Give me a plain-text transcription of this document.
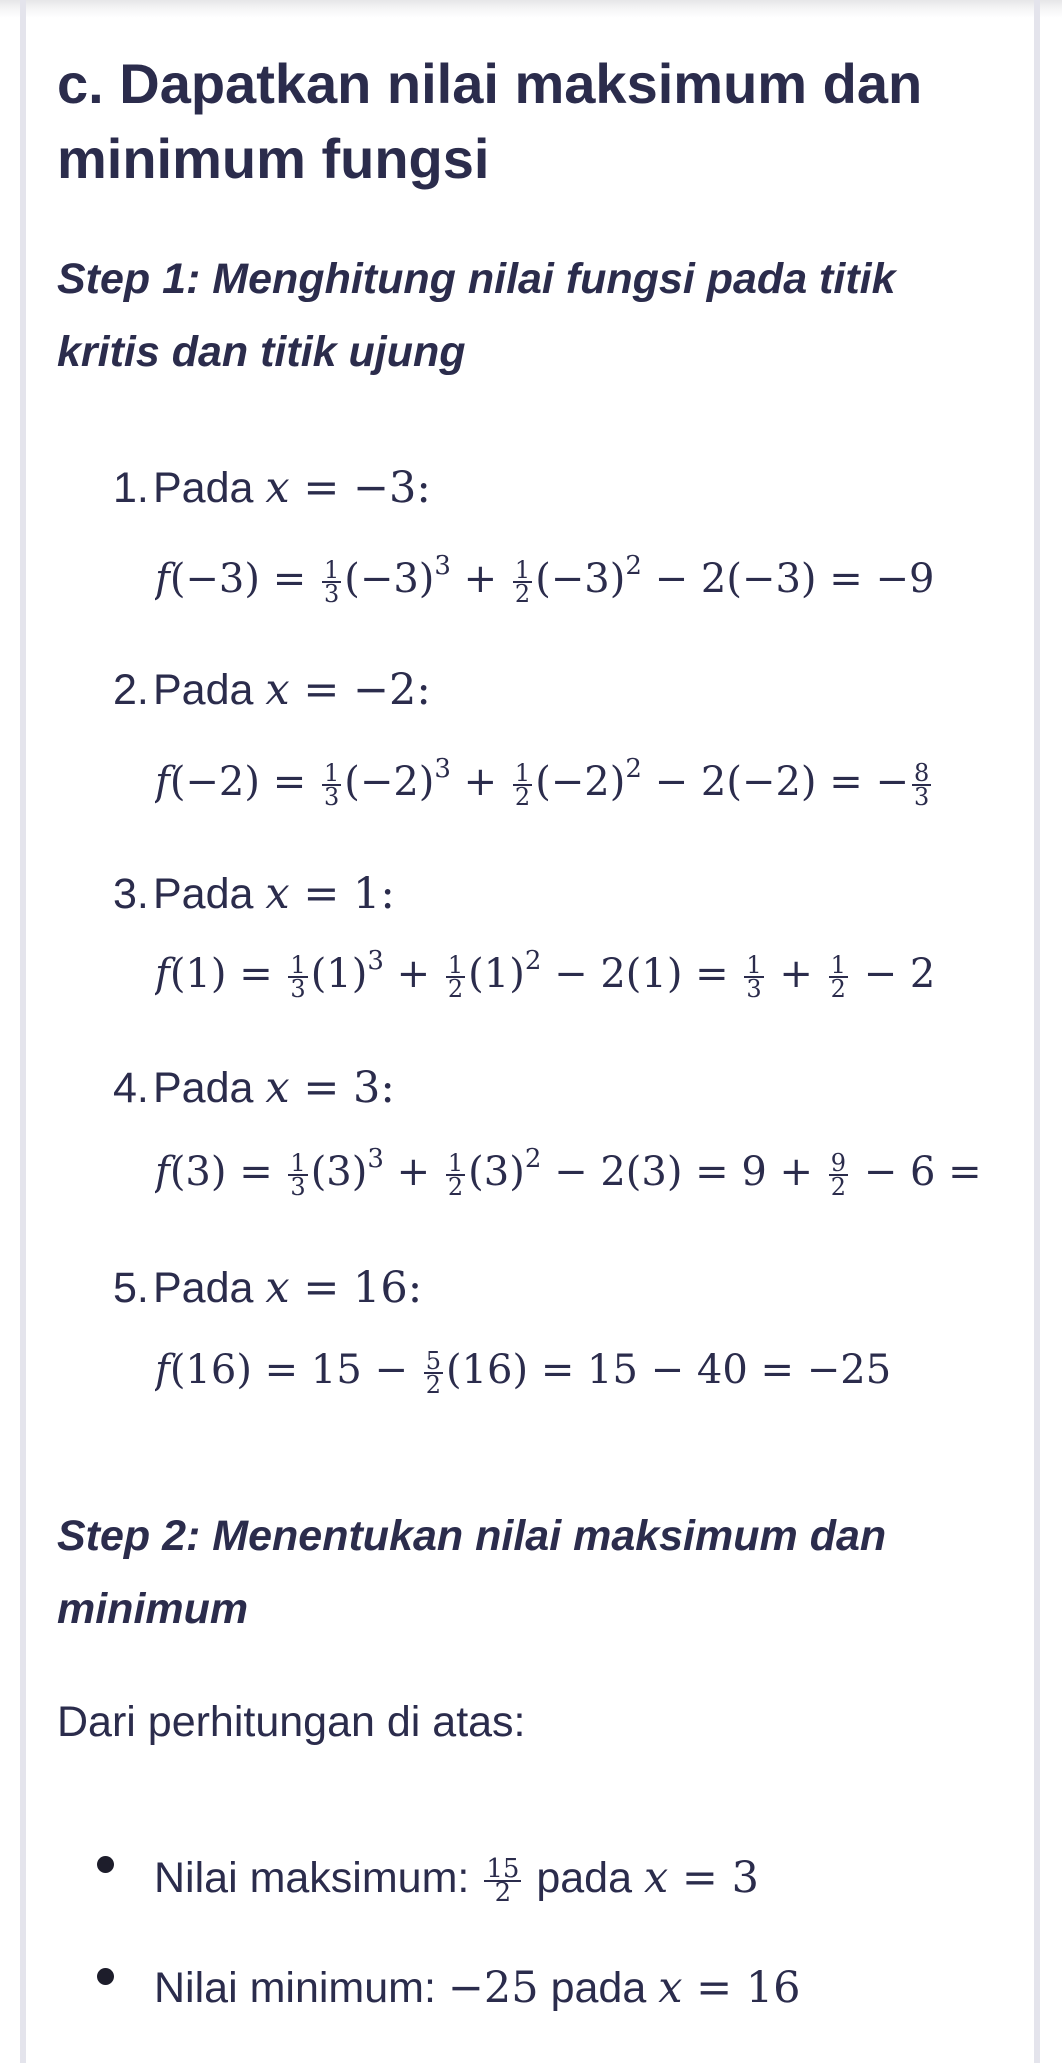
c. Dapatkan nilai maksimum dan minimum fungsi
Step 1: Menghitung nilai fungsi pada titik kritis dan titik ujung
1.Pada x = −3:
$f(-3) = \frac{1}{3} (-3)^3 + \frac{1}{2} (-3)^2 - 2(-3) = -9$
2.Pada x = −2:
$f(-2) = \frac{1}{3} (-2)^3 + \frac{1}{2} (-2)^2 - 2(-2)$ = − $\frac{8}{3}$
3.Pada x = 1:
$f(1) = \frac{1}{3} (1)^3 + \frac{1}{2} (1)^2 - 2(1) = \frac{1}{3} + \frac{1}{2} - 2$
4.Pada x = 3:
$f(3) = \frac{1}{3} (3)^3 + \frac{1}{2} (3)^2 - 2(3) = 9 + \frac{9}{2} - 6$ =
5.Pada x = 16:
$f(16) = 15 - \frac{5}{2} (16) = 15 - 40 = -25$
Step 2: Menentukan nilai maksimum dan minimum
Dari perhitungan di atas:
Nilai maksimum: $\frac{15}{2}$ pada x = 3
Nilai minimum: −25 pada x = 16
